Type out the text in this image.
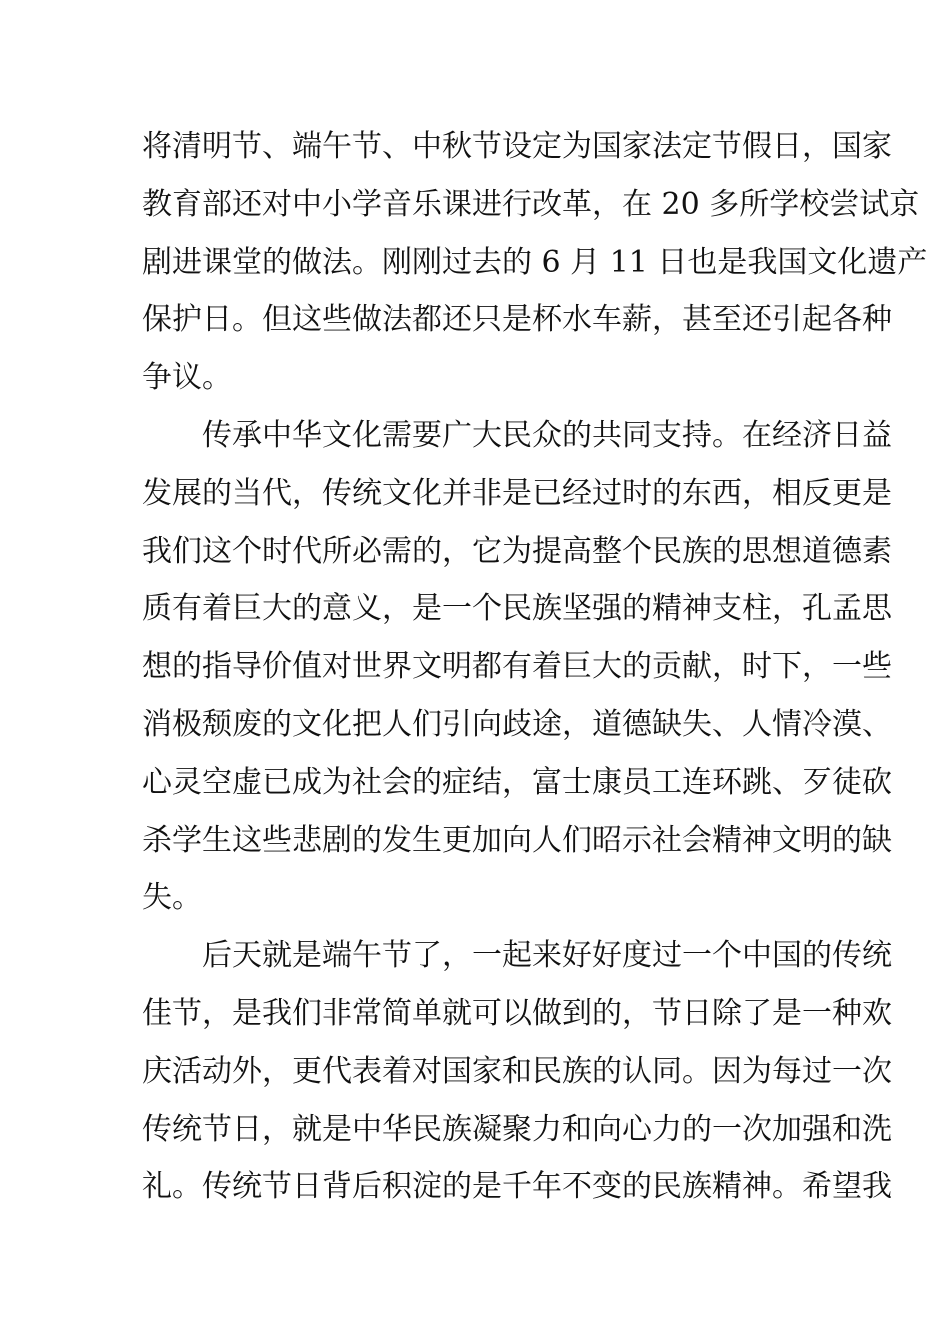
将清明节、端午节、中秋节设定为国家法定节假日，国家
教育部还对中小学音乐课进行改革，在 20 多所学校尝试京
剧进课堂的做法。刚刚过去的 6 月 11 日也是我国文化遗产
保护日。但这些做法都还只是杯水车薪，甚至还引起各种
争议。
传承中华文化需要广大民众的共同支持。在经济日益
发展的当代，传统文化并非是已经过时的东西，相反更是
我们这个时代所必需的，它为提高整个民族的思想道德素
质有着巨大的意义，是一个民族坚强的精神支柱，孔孟思
想的指导价值对世界文明都有着巨大的贡献，时下，一些
消极颓废的文化把人们引向歧途，道德缺失、人情冷漠、
心灵空虚已成为社会的症结，富士康员工连环跳、歹徒砍
杀学生这些悲剧的发生更加向人们昭示社会精神文明的缺
失。
后天就是端午节了，一起来好好度过一个中国的传统
佳节，是我们非常简单就可以做到的，节日除了是一种欢
庆活动外，更代表着对国家和民族的认同。因为每过一次
传统节日，就是中华民族凝聚力和向心力的一次加强和洗
礼。传统节日背后积淀的是千年不变的民族精神。希望我
